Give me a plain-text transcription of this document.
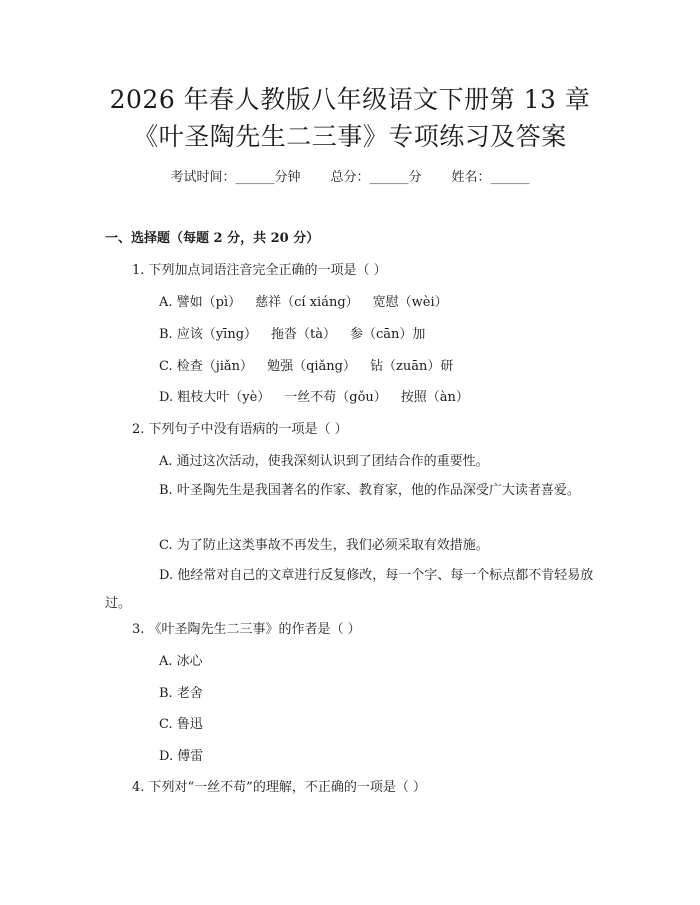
2026 年春人教版八年级语文下册第 13 章
《叶圣陶先生二三事》专项练习及答案
考试时间：______分钟 总分：______分 姓名：______
一、选择题（每题 2 分，共 20 分）
1. 下列加点词语注音完全正确的一项是（ ）
A. 譬如（pì） 慈祥（cí xiáng） 宽慰（wèi）
B. 应该（yīng） 拖沓（tà） 参（cān）加
C. 检查（jiǎn） 勉强（qiǎng） 钻（zuān）研
D. 粗枝大叶（yè） 一丝不苟（gǒu） 按照（àn）
2. 下列句子中没有语病的一项是（ ）
A. 通过这次活动，使我深刻认识到了团结合作的重要性。
B. 叶圣陶先生是我国著名的作家、教育家，他的作品深受广大读者喜爱。
C. 为了防止这类事故不再发生，我们必须采取有效措施。
D. 他经常对自己的文章进行反复修改，每一个字、每一个标点都不肯轻易放过。
3. 《叶圣陶先生二三事》的作者是（ ）
A. 冰心
B. 老舍
C. 鲁迅
D. 傅雷
4. 下列对“一丝不苟”的理解，不正确的一项是（ ）
